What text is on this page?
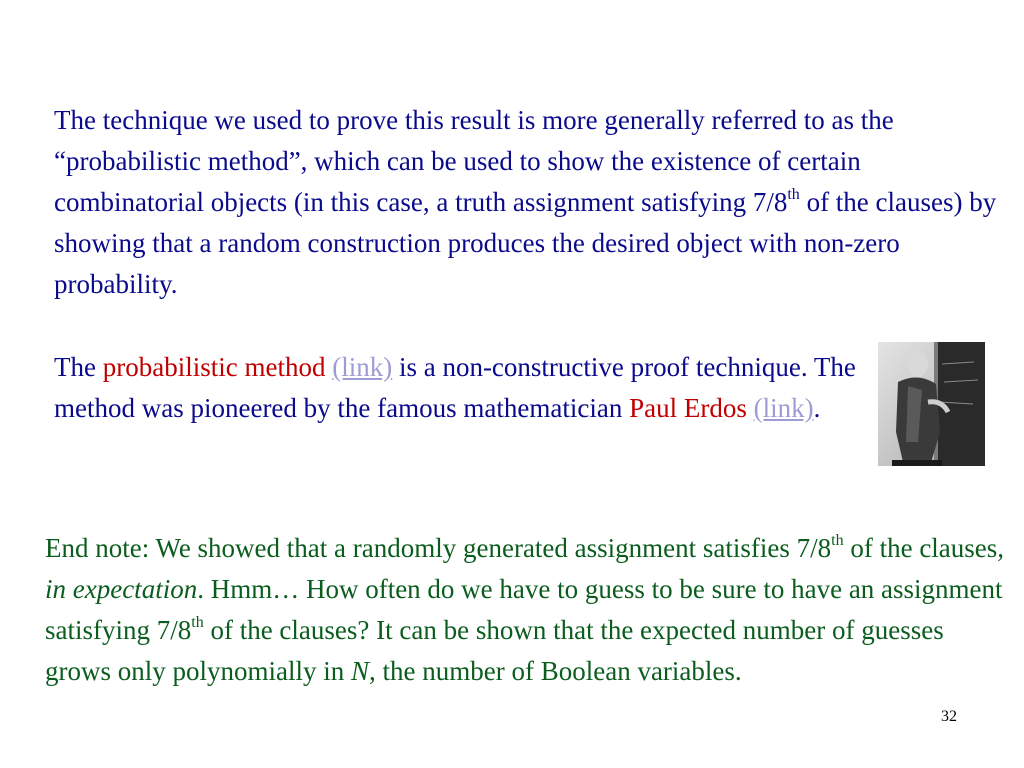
The technique we used to prove this result is more generally referred to as the “probabilistic method”, which can be used to show the existence of certain combinatorial objects (in this case, a truth assignment satisfying 7/8th of the clauses) by showing that a random construction produces the desired object with non-zero probability.

The probabilistic method (link) is a non-constructive proof technique. The method was pioneered by the famous mathematician Paul Erdos (link).

End note: We showed that a randomly generated assignment satisfies 7/8th of the clauses, in expectation. Hmm… How often do we have to guess to be sure to have an assignment satisfying 7/8th of the clauses? It can be shown that the expected number of guesses grows only polynomially in N, the number of Boolean variables.

32
